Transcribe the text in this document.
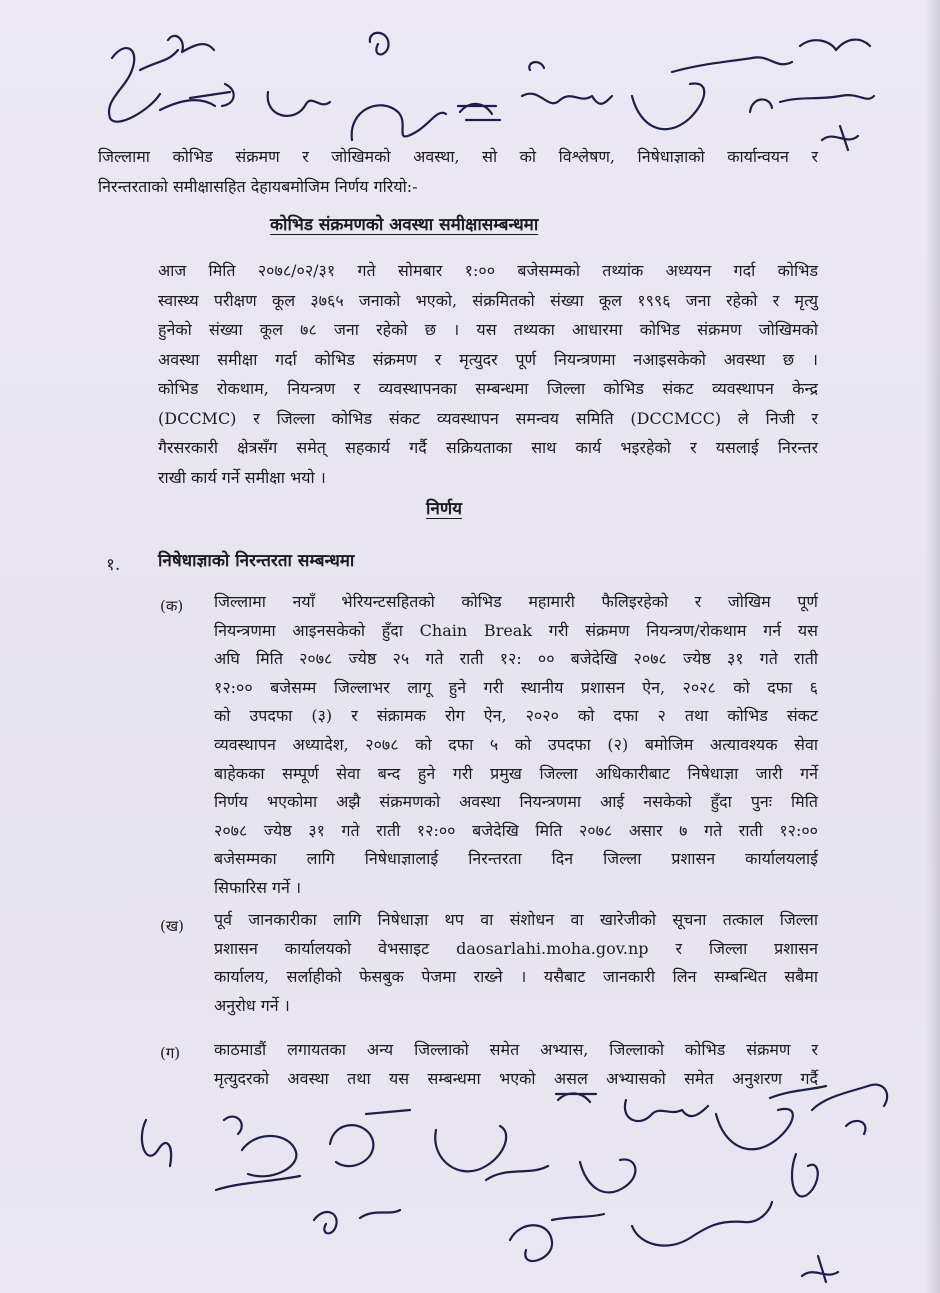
जिल्लामा कोभिड संक्रमण र जोखिमको अवस्था, सो को विश्लेषण, निषेधाज्ञाको कार्यान्वयन र
निरन्तरताको समीक्षासहित देहायबमोजिम निर्णय गरियो:-
कोभिड संक्रमणको अवस्था समीक्षासम्बन्धमा
आज मिति २०७८/०२/३१ गते सोमबार १:०० बजेसम्मको तथ्यांक अध्ययन गर्दा कोभिड
स्वास्थ्य परीक्षण कूल ३७६५ जनाको भएको, संक्रमितको संख्या कूल १९९६ जना रहेको र मृत्यु
हुनेको संख्या कूल ७८ जना रहेको छ । यस तथ्यका आधारमा कोभिड संक्रमण जोखिमको
अवस्था समीक्षा गर्दा कोभिड संक्रमण र मृत्युदर पूर्ण नियन्त्रणमा नआइसकेको अवस्था छ ।
कोभिड रोकथाम, नियन्त्रण र व्यवस्थापनका सम्बन्धमा जिल्ला कोभिड संकट व्यवस्थापन केन्द्र
(DCCMC) र जिल्ला कोभिड संकट व्यवस्थापन समन्वय समिति (DCCMCC) ले निजी र
गैरसरकारी क्षेत्रसँग समेत् सहकार्य गर्दै सक्रियताका साथ कार्य भइरहेको र यसलाई निरन्तर
राखी कार्य गर्ने समीक्षा भयो ।
निर्णय
१. निषेधाज्ञाको निरन्तरता सम्बन्धमा
(क) जिल्लामा नयाँ भेरियन्टसहितको कोभिड महामारी फैलिइरहेको र जोखिम पूर्ण
नियन्त्रणमा आइनसकेको हुँदा Chain Break गरी संक्रमण नियन्त्रण/रोकथाम गर्न यस
अघि मिति २०७८ ज्येष्ठ २५ गते राती १२: ०० बजेदेखि २०७८ ज्येष्ठ ३१ गते राती
१२:०० बजेसम्म जिल्लाभर लागू हुने गरी स्थानीय प्रशासन ऐन, २०२८ को दफा ६
को उपदफा (३) र संक्रामक रोग ऐन, २०२० को दफा २ तथा कोभिड संकट
व्यवस्थापन अध्यादेश, २०७८ को दफा ५ को उपदफा (२) बमोजिम अत्यावश्यक सेवा
बाहेकका सम्पूर्ण सेवा बन्द हुने गरी प्रमुख जिल्ला अधिकारीबाट निषेधाज्ञा जारी गर्ने
निर्णय भएकोमा अझै संक्रमणको अवस्था नियन्त्रणमा आई नसकेको हुँदा पुनः मिति
२०७८ ज्येष्ठ ३१ गते राती १२:०० बजेदेखि मिति २०७८ असार ७ गते राती १२:००
बजेसम्मका लागि निषेधाज्ञालाई निरन्तरता दिन जिल्ला प्रशासन कार्यालयलाई
सिफारिस गर्ने ।
(ख) पूर्व जानकारीका लागि निषेधाज्ञा थप वा संशोधन वा खारेजीको सूचना तत्काल जिल्ला
प्रशासन कार्यालयको वेभसाइट daosarlahi.moha.gov.np र जिल्ला प्रशासन
कार्यालय, सर्लाहीको फेसबुक पेजमा राख्ने । यसैबाट जानकारी लिन सम्बन्धित सबैमा
अनुरोध गर्ने ।
(ग) काठमाडौं लगायतका अन्य जिल्लाको समेत अभ्यास, जिल्लाको कोभिड संक्रमण र
मृत्युदरको अवस्था तथा यस सम्बन्धमा भएको असल अभ्यासको समेत अनुशरण गर्दै
